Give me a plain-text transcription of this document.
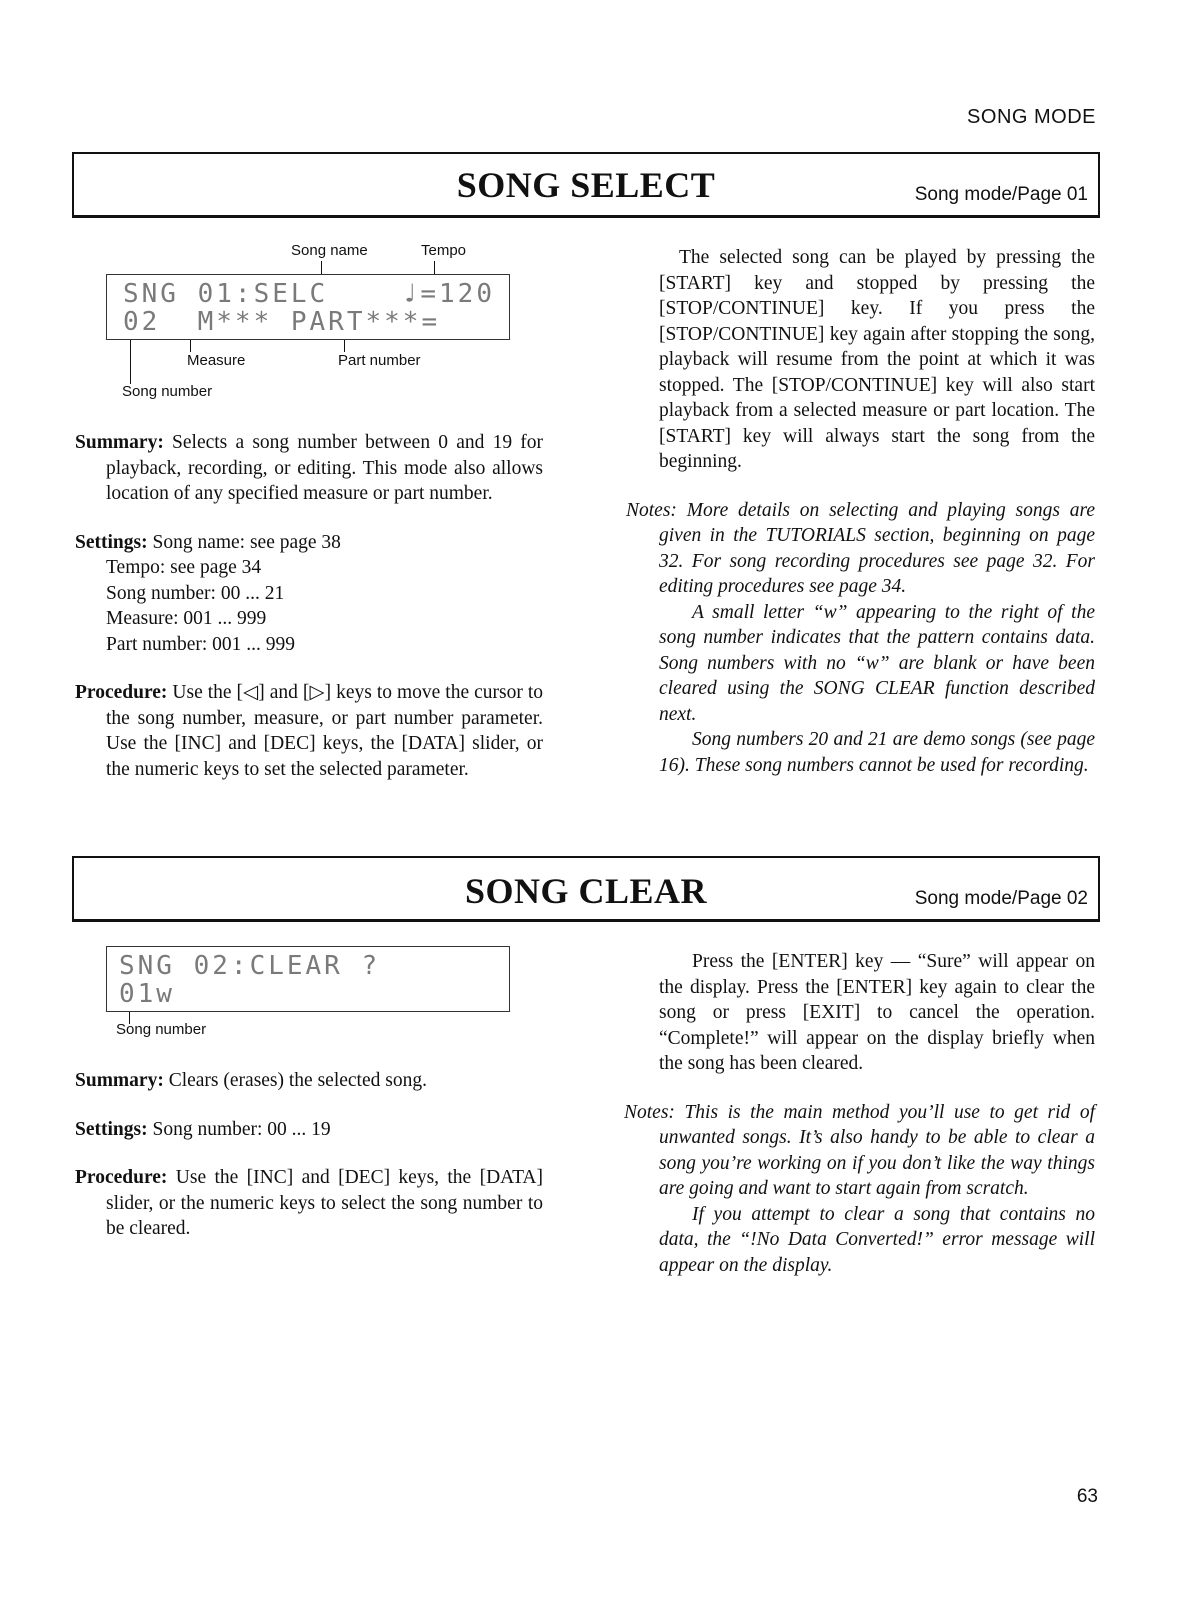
SONG MODE
SONG SELECT	Song mode/Page 01
Song name	Tempo
SNG 01:SELC	♩=120
02  M*** PART***=
Measure	Part number
Song number
Summary: Selects a song number between 0 and 19 for playback, recording, or editing. This mode also allows location of any specified measure or part number.
Settings: Song name: see page 38
Tempo: see page 34
Song number: 00 ... 21
Measure: 001 ... 999
Part number: 001 ... 999
Procedure: Use the [◁] and [▷] keys to move the cursor to the song number, measure, or part number parameter. Use the [INC] and [DEC] keys, the [DATA] slider, or the numeric keys to set the selected parameter.
The selected song can be played by pressing the [START] key and stopped by pressing the [STOP/CONTINUE] key. If you press the [STOP/CONTINUE] key again after stopping the song, playback will resume from the point at which it was stopped. The [STOP/CONTINUE] key will also start playback from a selected measure or part location. The [START] key will always start the song from the beginning.
Notes: More details on selecting and playing songs are given in the TUTORIALS section, beginning on page 32. For song recording procedures see page 32. For editing procedures see page 34.
A small letter “w” appearing to the right of the song number indicates that the pattern contains data. Song numbers with no “w” are blank or have been cleared using the SONG CLEAR function described next.
Song numbers 20 and 21 are demo songs (see page 16). These song numbers cannot be used for recording.
SONG CLEAR	Song mode/Page 02
SNG 02:CLEAR ?
01w
Song number
Summary: Clears (erases) the selected song.
Settings: Song number: 00 ... 19
Procedure: Use the [INC] and [DEC] keys, the [DATA] slider, or the numeric keys to select the song number to be cleared.
Press the [ENTER] key — “Sure” will appear on the display. Press the [ENTER] key again to clear the song or press [EXIT] to cancel the operation. “Complete!” will appear on the display briefly when the song has been cleared.
Notes: This is the main method you’ll use to get rid of unwanted songs. It’s also handy to be able to clear a song you’re working on if you don’t like the way things are going and want to start again from scratch.
If you attempt to clear a song that contains no data, the “!No Data Converted!” error message will appear on the display.
63
